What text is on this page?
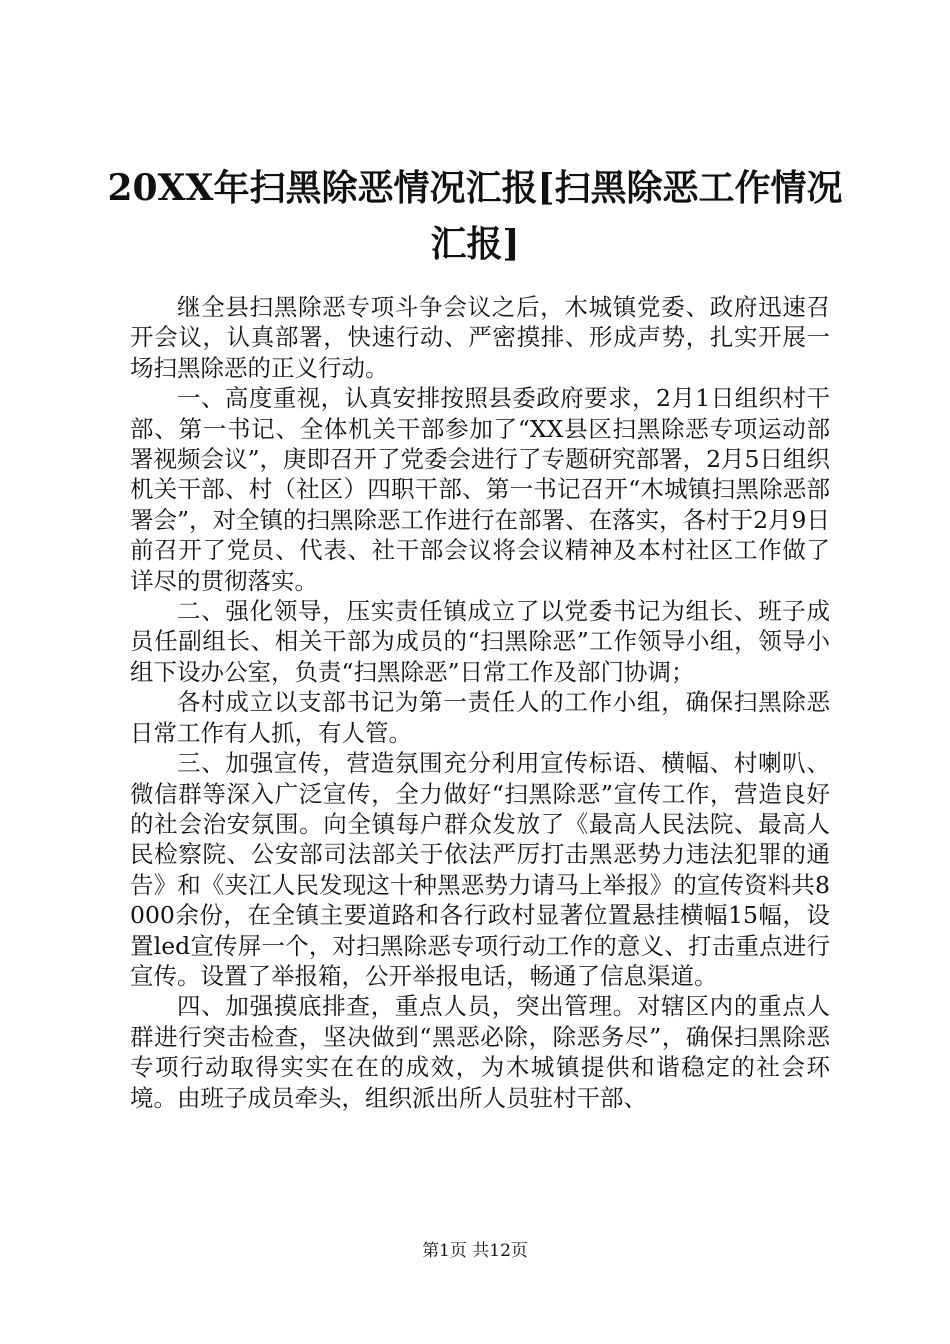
20XX年扫黑除恶情况汇报[扫黑除恶工作情况汇报]

继全县扫黑除恶专项斗争会议之后，木城镇党委、政府迅速召开会议，认真部署，快速行动、严密摸排、形成声势，扎实开展一场扫黑除恶的正义行动。

一、高度重视，认真安排按照县委政府要求，2月1日组织村干部、第一书记、全体机关干部参加了“XX县区扫黑除恶专项运动部署视频会议”，庚即召开了党委会进行了专题研究部署，2月5日组织机关干部、村（社区）四职干部、第一书记召开“木城镇扫黑除恶部署会”，对全镇的扫黑除恶工作进行在部署、在落实，各村于2月9日前召开了党员、代表、社干部会议将会议精神及本村社区工作做了详尽的贯彻落实。

二、强化领导，压实责任镇成立了以党委书记为组长、班子成员任副组长、相关干部为成员的“扫黑除恶”工作领导小组，领导小组下设办公室，负责“扫黑除恶”日常工作及部门协调；

各村成立以支部书记为第一责任人的工作小组，确保扫黑除恶日常工作有人抓，有人管。

三、加强宣传，营造氛围充分利用宣传标语、横幅、村喇叭、微信群等深入广泛宣传，全力做好“扫黑除恶”宣传工作，营造良好的社会治安氛围。向全镇每户群众发放了《最高人民法院、最高人民检察院、公安部司法部关于依法严厉打击黑恶势力违法犯罪的通告》和《夹江人民发现这十种黑恶势力请马上举报》的宣传资料共8000余份，在全镇主要道路和各行政村显著位置悬挂横幅15幅，设置led宣传屏一个，对扫黑除恶专项行动工作的意义、打击重点进行宣传。设置了举报箱，公开举报电话，畅通了信息渠道。

四、加强摸底排查，重点人员，突出管理。对辖区内的重点人群进行突击检查，坚决做到“黑恶必除，除恶务尽”，确保扫黑除恶专项行动取得实实在在的成效，为木城镇提供和谐稳定的社会环境。由班子成员牵头，组织派出所人员驻村干部、

第1页 共12页
